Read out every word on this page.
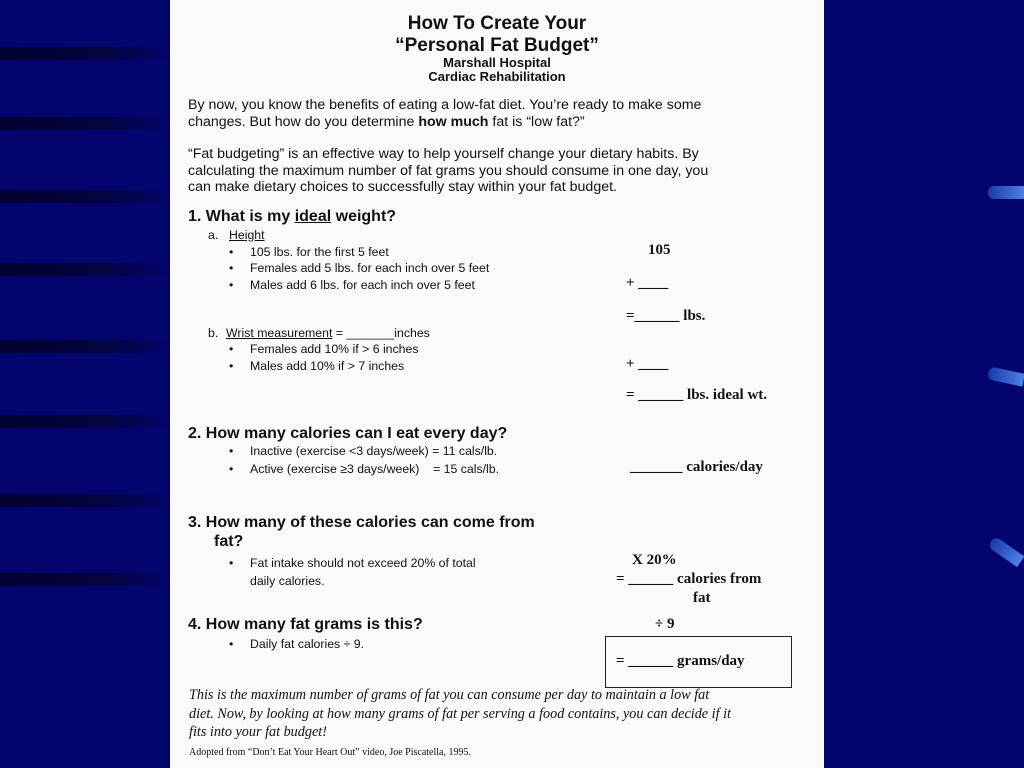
How To Create Your
“Personal Fat Budget”
Marshall Hospital
Cardiac Rehabilitation
By now, you know the benefits of eating a low-fat diet. You’re ready to make some
changes. But how do you determine how much fat is “low fat?”
“Fat budgeting” is an effective way to help yourself change your dietary habits. By
calculating the maximum number of fat grams you should consume in one day, you
can make dietary choices to successfully stay within your fat budget.
1. What is my ideal weight?
a. Height
• 105 lbs. for the first 5 feet
• Females add 5 lbs. for each inch over 5 feet
• Males add 6 lbs. for each inch over 5 feet
105
+ ____
=______ lbs.
b. Wrist measurement = _______inches
• Females add 10% if > 6 inches
• Males add 10% if > 7 inches	+ ____
= ______ lbs. ideal wt.
2. How many calories can I eat every day?
• Inactive (exercise <3 days/week) = 11 cals/lb.
• Active (exercise ≥3 days/week)    = 15 cals/lb.	_______ calories/day
3. How many of these calories can come from
fat?
• Fat intake should not exceed 20% of total
daily calories.
X 20%
= ______ calories from
fat
4. How many fat grams is this?
• Daily fat calories ÷ 9.
÷ 9
= ______ grams/day
This is the maximum number of grams of fat you can consume per day to maintain a low fat
diet. Now, by looking at how many grams of fat per serving a food contains, you can decide if it
fits into your fat budget!
Adopted from “Don’t Eat Your Heart Out” video, Joe Piscatella, 1995.
